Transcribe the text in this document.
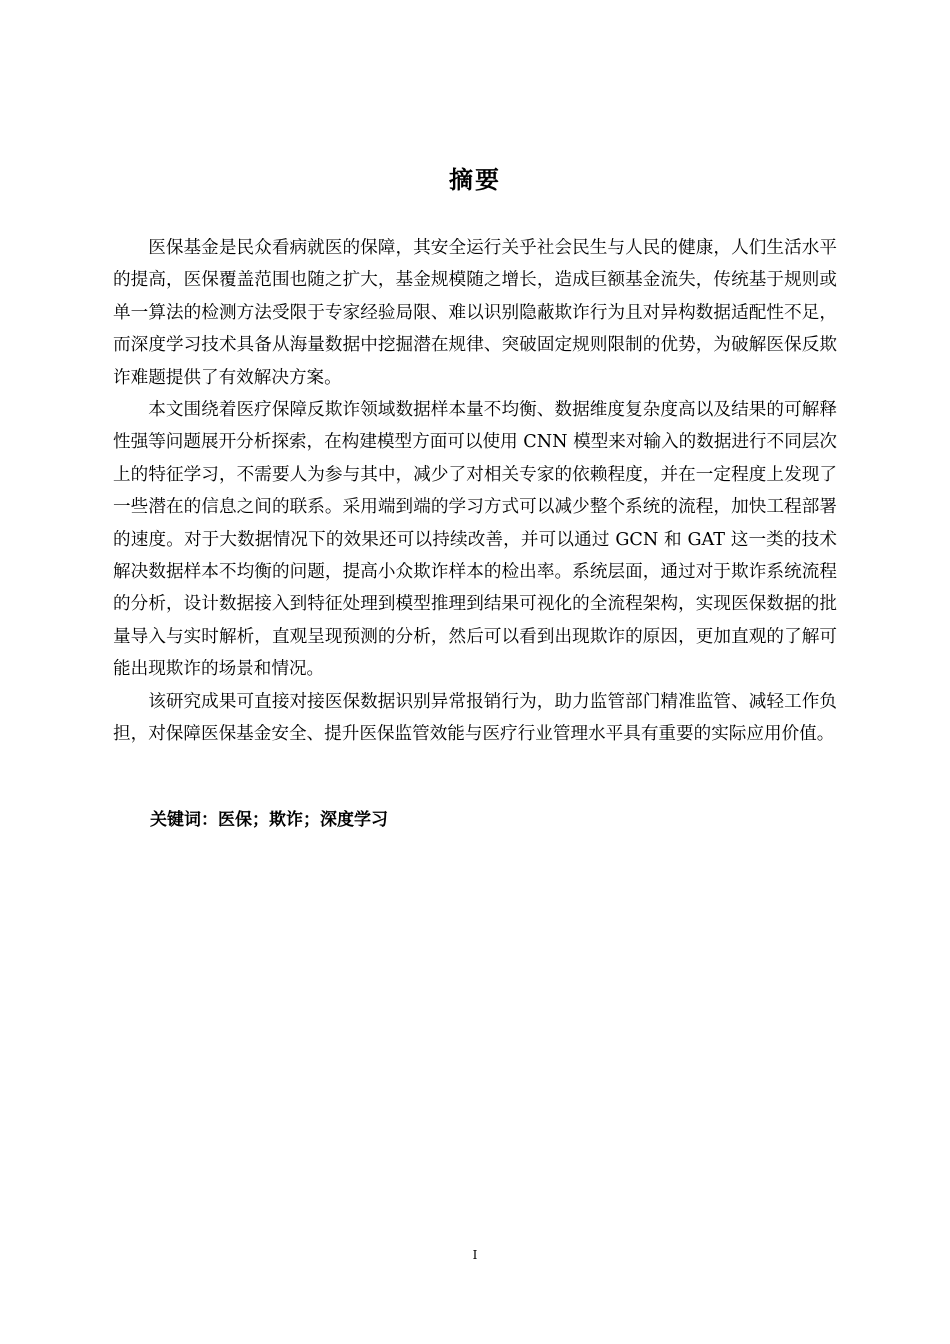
摘要

医保基金是民众看病就医的保障，其安全运行关乎社会民生与人民的健康，人们生活水平的提高，医保覆盖范围也随之扩大，基金规模随之增长，造成巨额基金流失，传统基于规则或单一算法的检测方法受限于专家经验局限、难以识别隐蔽欺诈行为且对异构数据适配性不足，而深度学习技术具备从海量数据中挖掘潜在规律、突破固定规则限制的优势，为破解医保反欺诈难题提供了有效解决方案。

本文围绕着医疗保障反欺诈领域数据样本量不均衡、数据维度复杂度高以及结果的可解释性强等问题展开分析探索，在构建模型方面可以使用 CNN 模型来对输入的数据进行不同层次上的特征学习，不需要人为参与其中，减少了对相关专家的依赖程度，并在一定程度上发现了一些潜在的信息之间的联系。采用端到端的学习方式可以减少整个系统的流程，加快工程部署的速度。对于大数据情况下的效果还可以持续改善，并可以通过 GCN 和 GAT 这一类的技术解决数据样本不均衡的问题，提高小众欺诈样本的检出率。系统层面，通过对于欺诈系统流程的分析，设计数据接入到特征处理到模型推理到结果可视化的全流程架构，实现医保数据的批量导入与实时解析，直观呈现预测的分析，然后可以看到出现欺诈的原因，更加直观的了解可能出现欺诈的场景和情况。

该研究成果可直接对接医保数据识别异常报销行为，助力监管部门精准监管、减轻工作负担，对保障医保基金安全、提升医保监管效能与医疗行业管理水平具有重要的实际应用价值。

关键词：医保；欺诈；深度学习
I
